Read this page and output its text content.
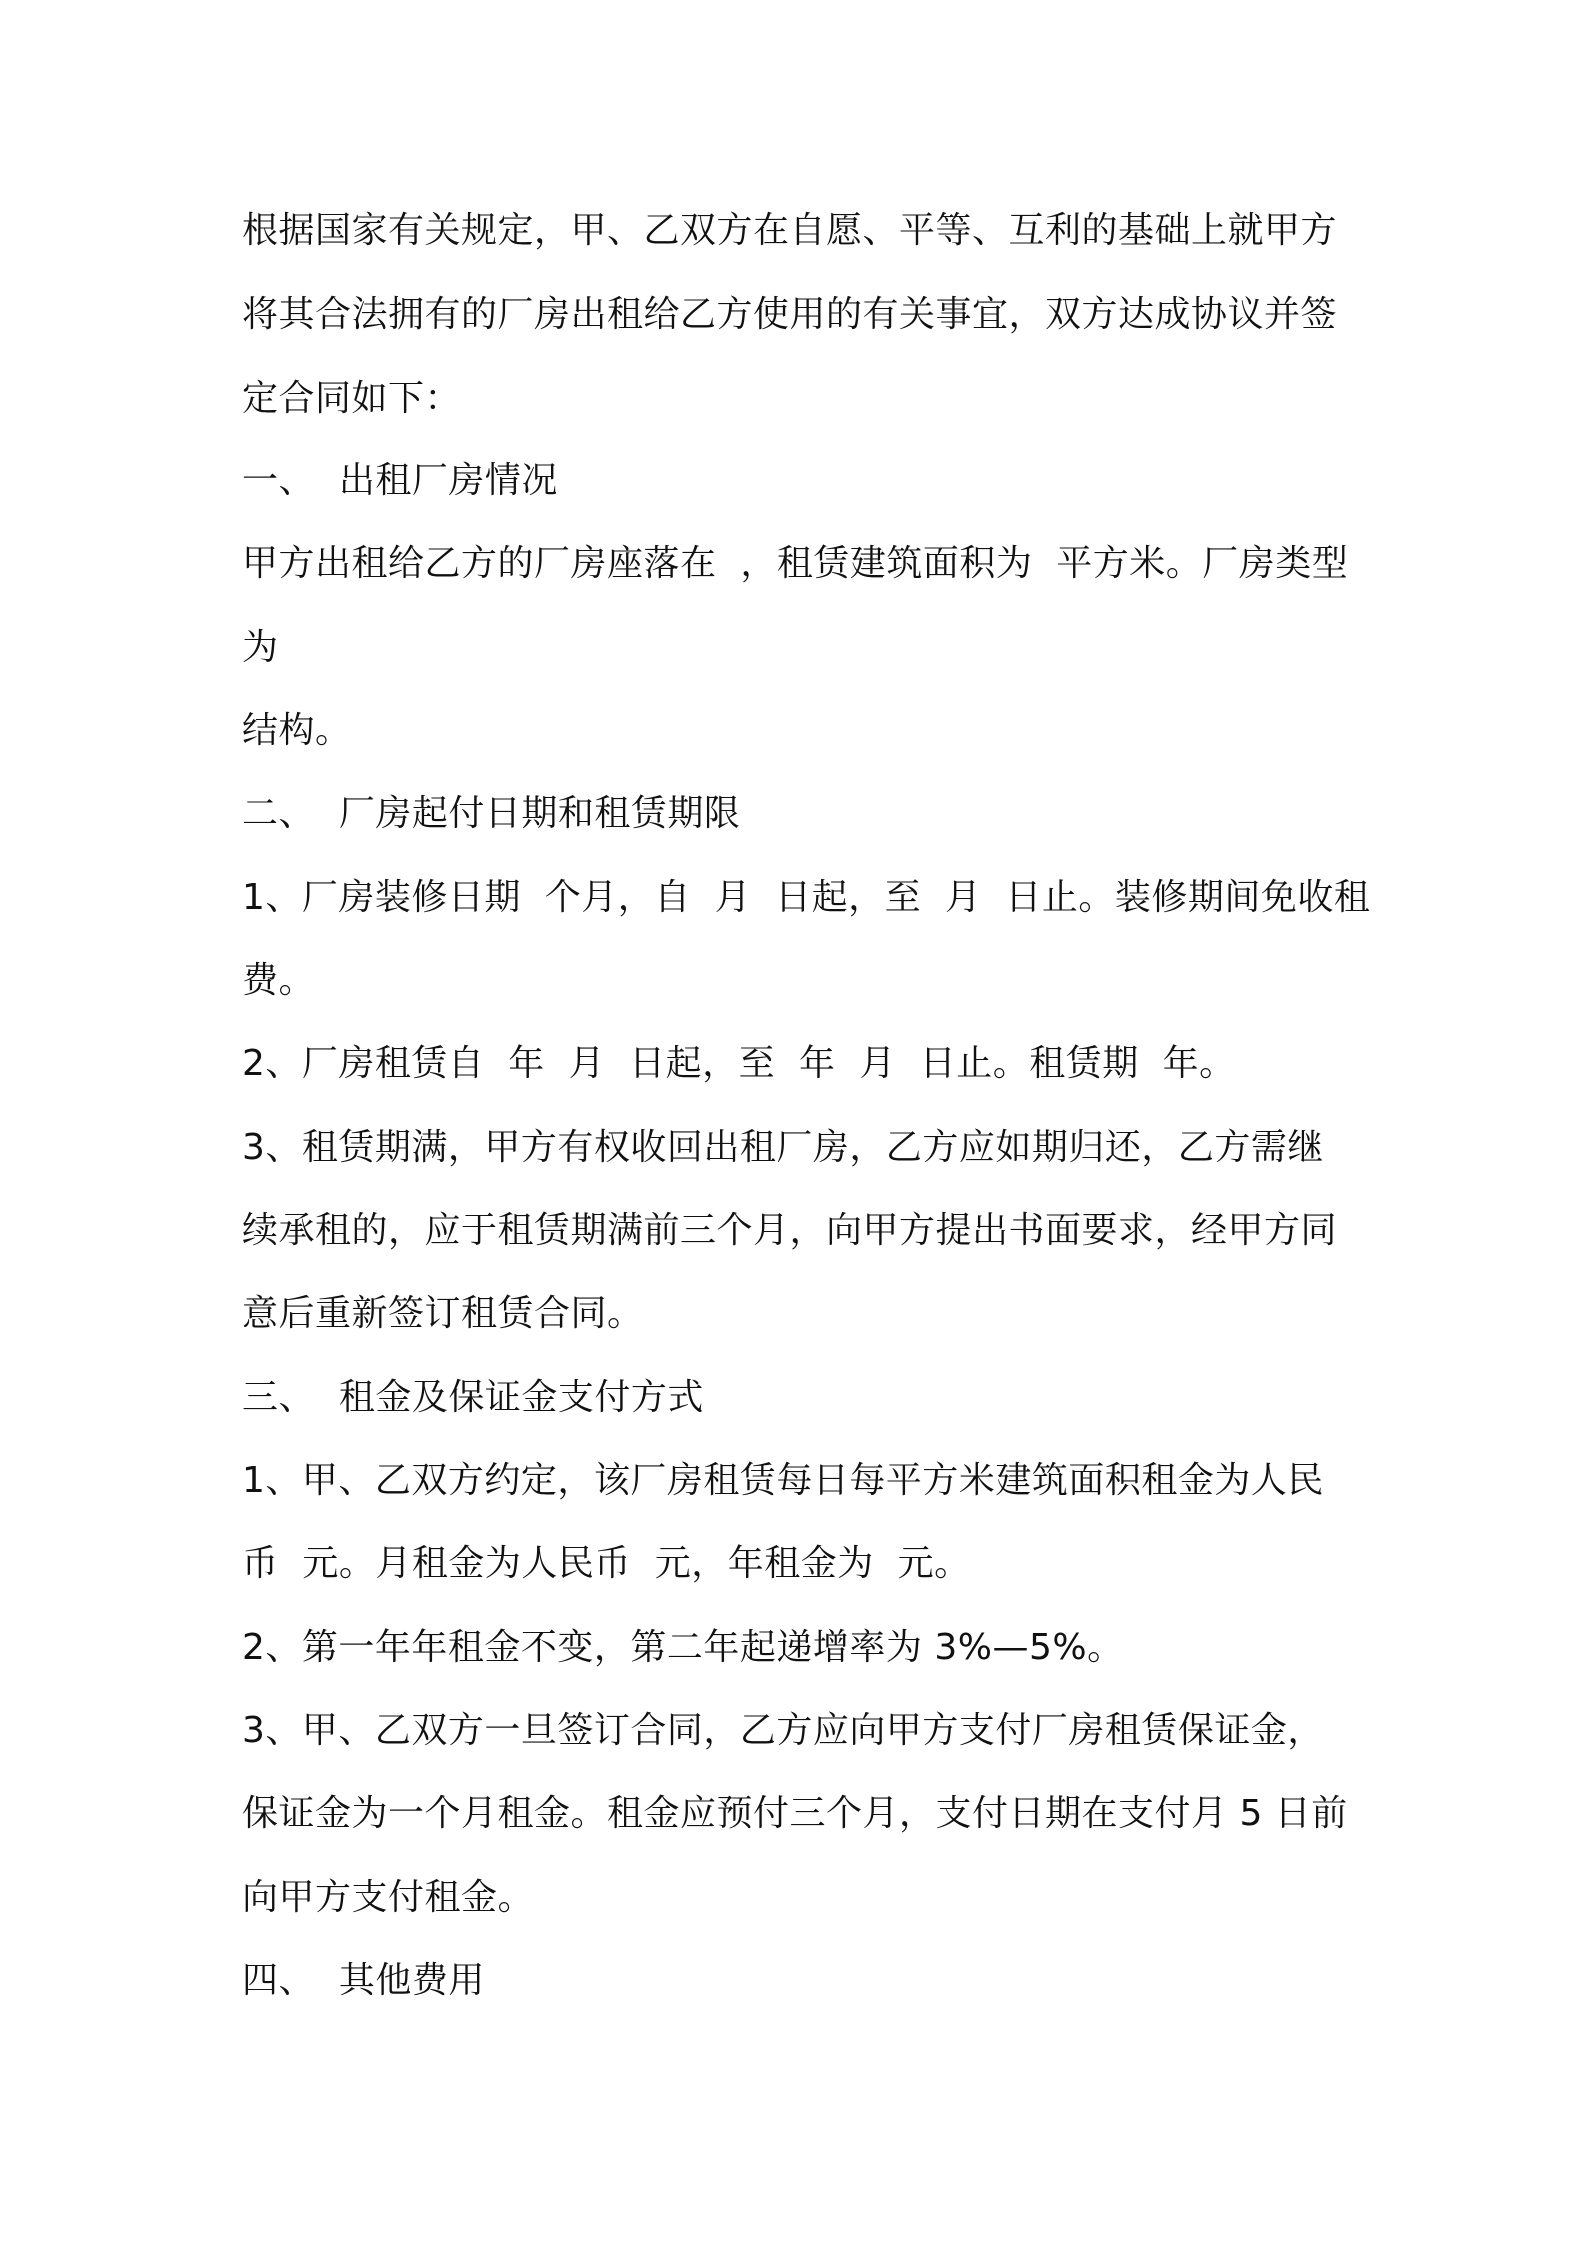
根据国家有关规定，甲、乙双方在自愿、平等、互利的基础上就甲方
将其合法拥有的厂房出租给乙方使用的有关事宜，双方达成协议并签
定合同如下：
一、  出租厂房情况
甲方出租给乙方的厂房座落在  ，租赁建筑面积为  平方米。厂房类型
为
结构。
二、  厂房起付日期和租赁期限
1、厂房装修日期  个月，自  月  日起，至  月  日止。装修期间免收租
费。
2、厂房租赁自  年  月  日起，至  年  月  日止。租赁期  年。
3、租赁期满，甲方有权收回出租厂房，乙方应如期归还，乙方需继
续承租的，应于租赁期满前三个月，向甲方提出书面要求，经甲方同
意后重新签订租赁合同。
三、  租金及保证金支付方式
1、甲、乙双方约定，该厂房租赁每日每平方米建筑面积租金为人民
币  元。月租金为人民币  元，年租金为  元。
2、第一年年租金不变，第二年起递增率为 3%—5%。
3、甲、乙双方一旦签订合同，乙方应向甲方支付厂房租赁保证金，
保证金为一个月租金。租金应预付三个月，支付日期在支付月 5 日前
向甲方支付租金。
四、  其他费用
